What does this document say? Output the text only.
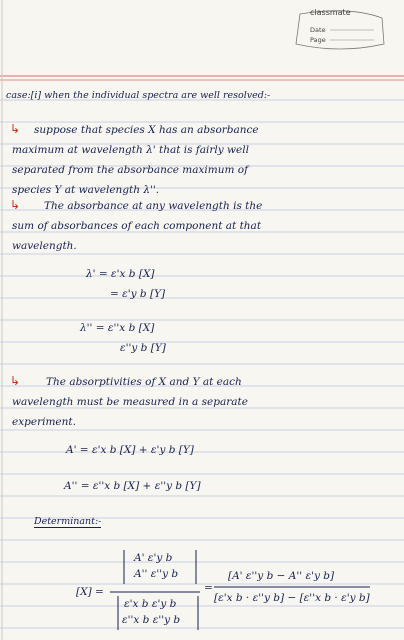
classmate
Date
Page
case:[i] when the individual spectra are well resolved:-
↳ suppose that species X has an absorbance
maximum at wavelength λ' that is fairly well
separated from the absorbance maximum of
species Y at wavelength λ''.
↳ The absorbance at any wavelength is the
sum of absorbances of each component at that
wavelength.
λ' = ε'x b [X]
= ε'y b [Y]
λ'' = ε''x b [X]
ε''y b [Y]
↳ The absorptivities of X and Y at each
wavelength must be measured in a separate
experiment.
A' = ε'x b [X] + ε'y b [Y]
A'' = ε''x b [X] + ε''y b [Y]
Determinant:-
[X] =
A' ε'y b
A'' ε''y b
ε'x b ε'y b
ε''x b ε''y b
=
[A' ε''y b − A'' ε'y b]
[ε'x b · ε''y b] − [ε''x b · ε'y b]
